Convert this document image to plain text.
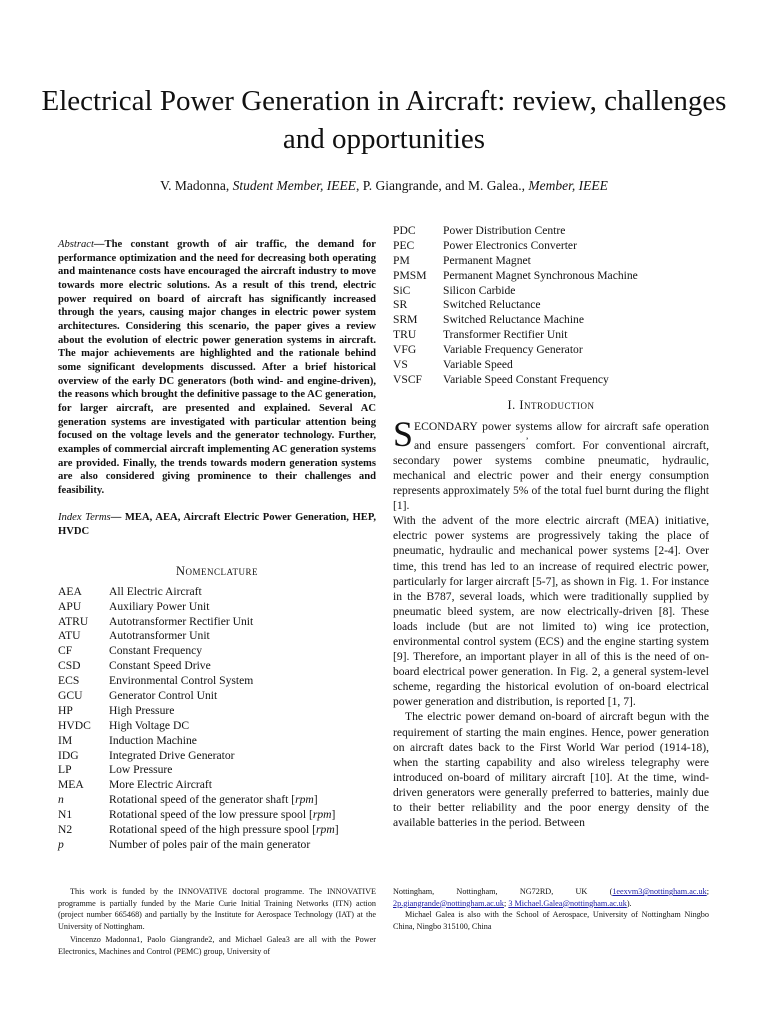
Electrical Power Generation in Aircraft: review, challenges and opportunities
V. Madonna, Student Member, IEEE, P. Giangrande, and M. Galea., Member, IEEE

Abstract—The constant growth of air traffic, the demand for performance optimization and the need for decreasing both operating and maintenance costs have encouraged the aircraft industry to move towards more electric solutions. As a result of this trend, electric power required on board of aircraft has significantly increased through the years, causing major changes in electric power system architectures. Considering this scenario, the paper gives a review about the evolution of electric power generation systems in aircraft. The major achievements are highlighted and the rationale behind some significant developments discussed. After a brief historical overview of the early DC generators (both wind- and engine-driven), the reasons which brought the definitive passage to the AC generation, for larger aircraft, are presented and explained. Several AC generation systems are investigated with particular attention being focused on the voltage levels and the generator technology. Further, examples of commercial aircraft implementing AC generation systems are provided. Finally, the trends towards modern generation systems are also considered giving prominence to their challenges and feasibility.

Index Terms— MEA, AEA, Aircraft Electric Power Generation, HEP, HVDC

Nomenclature
AEA	All Electric Aircraft
APU	Auxiliary Power Unit
ATRU	Autotransformer Rectifier Unit
ATU	Autotransformer Unit
CF	Constant Frequency
CSD	Constant Speed Drive
ECS	Environmental Control System
GCU	Generator Control Unit
HP	High Pressure
HVDC	High Voltage DC
IM	Induction Machine
IDG	Integrated Drive Generator
LP	Low Pressure
MEA	More Electric Aircraft
n	Rotational speed of the generator shaft [rpm]
N1	Rotational speed of the low pressure spool [rpm]
N2	Rotational speed of the high pressure spool [rpm]
p	Number of poles pair of the main generator
PDC	Power Distribution Centre
PEC	Power Electronics Converter
PM	Permanent Magnet
PMSM	Permanent Magnet Synchronous Machine
SiC	Silicon Carbide
SR	Switched Reluctance
SRM	Switched Reluctance Machine
TRU	Transformer Rectifier Unit
VFG	Variable Frequency Generator
VS	Variable Speed
VSCF	Variable Speed Constant Frequency
I. Introduction

SECONDARY power systems allow for aircraft safe operation and ensure passengers’ comfort. For conventional aircraft, secondary power systems combine pneumatic, hydraulic, mechanical and electric power and their energy consumption represents approximately 5% of the total fuel burnt during the flight [1].

With the advent of the more electric aircraft (MEA) initiative, electric power systems are progressively taking the place of pneumatic, hydraulic and mechanical power systems [2-4]. Over time, this trend has led to an increase of required electric power, particularly for larger aircraft [5-7], as shown in Fig. 1. For instance in the B787, several loads, which were traditionally supplied by pneumatic bleed system, are now electrically-driven [8]. These loads include (but are not limited to) wing ice protection, environmental control system (ECS) and the engine starting system [9]. Therefore, an important player in all of this is the need of on-board electrical power generation. In Fig. 2, a general system-level scheme, regarding the historical evolution of on-board electrical power generation and distribution, is reported [1, 7].

The electric power demand on-board of aircraft begun with the requirement of starting the main engines. Hence, power generation on aircraft dates back to the First World War period (1914-18), when the starting capability and also wireless telegraphy were introduced on-board of military aircraft [10]. At the time, wind-driven generators were generally preferred to batteries, mainly due to their better reliability and the poor energy density of the available batteries in the period. Between

This work is funded by the INNOVATIVE doctoral programme. The INNOVATIVE programme is partially funded by the Marie Curie Initial Training Networks (ITN) action (project number 665468) and partially by the Institute for Aerospace Technology (IAT) at the University of Nottingham.

Vincenzo Madonna1, Paolo Giangrande2, and Michael Galea3 are all with the Power Electronics, Machines and Control (PEMC) group, University of

Nottingham, Nottingham, NG72RD, UK (1eexvm3@nottingham.ac.uk; 2p.giangrande@nottingham.ac.uk; 3 Michael.Galea@nottingham.ac.uk).

Michael Galea is also with the School of Aerospace, University of Nottingham Ningbo China, Ningbo 315100, China
